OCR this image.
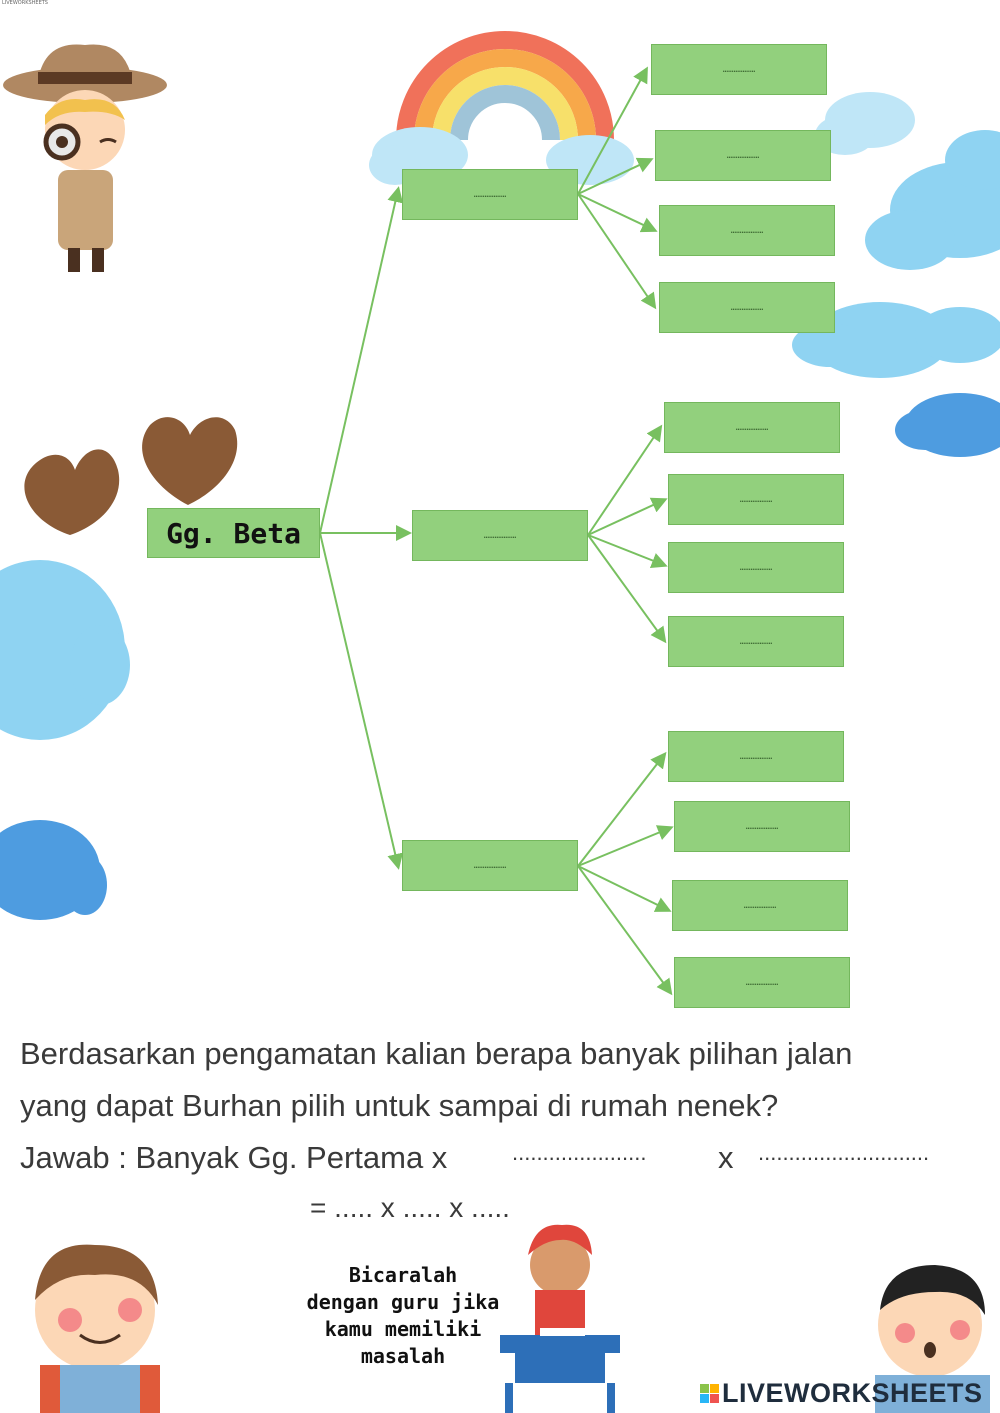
LIVEWORKSHEETS
Gg. Beta
………………
………………
………………
………………
………………
………………
………………
………………
………………
………………
………………
………………
………………
………………
………………
Berdasarkan pengamatan kalian berapa banyak pilihan jalan
yang dapat Burhan pilih untuk sampai di rumah nenek?
Jawab : Banyak Gg. Pertama x	...................... x ............................
= ..... x ..... x .....
Bicaralah
dengan guru jika
kamu memiliki
masalah
LIVEWORKSHEETS
